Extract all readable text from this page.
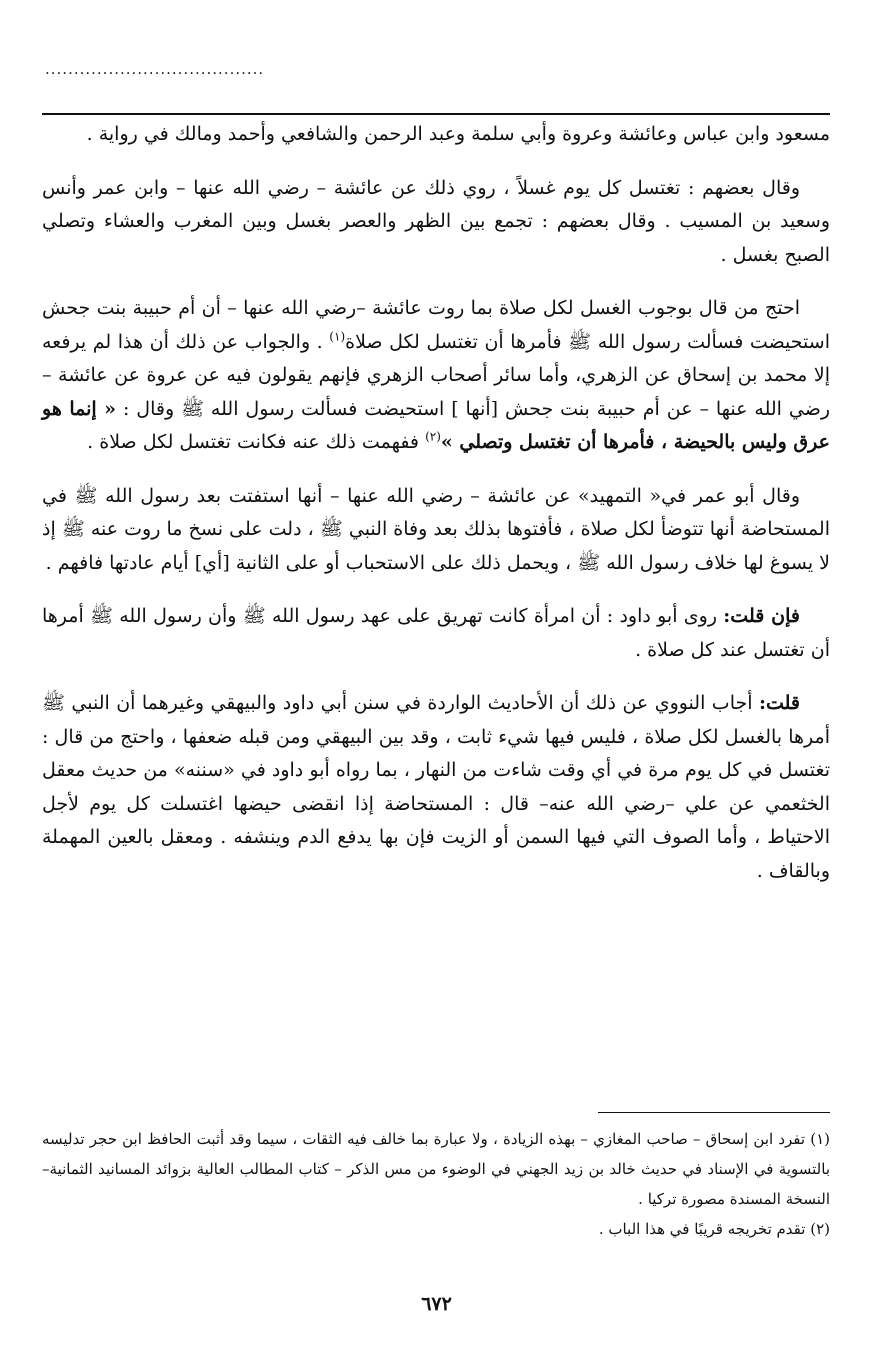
......................................

مسعود وابن عباس وعائشة وعروة وأبي سلمة وعبد الرحمن والشافعي وأحمد ومالك في رواية .

وقال بعضهم : تغتسل كل يوم غسلاً ، روي ذلك عن عائشة – رضي الله عنها – وابن عمر وأنس وسعيد بن المسيب . وقال بعضهم : تجمع بين الظهر والعصر بغسل وبين المغرب والعشاء وتصلي الصبح بغسل .

احتج من قال بوجوب الغسل لكل صلاة بما روت عائشة –رضي الله عنها – أن أم حبيبة بنت جحش استحيضت فسألت رسول الله ﷺ فأمرها أن تغتسل لكل صلاة$^{(١)}$ . والجواب عن ذلك أن هذا لم يرفعه إلا محمد بن إسحاق عن الزهري، وأما سائر أصحاب الزهري فإنهم يقولون فيه عن عروة عن عائشة –رضي الله عنها – عن أم حبيبة بنت جحش [أنها ] استحيضت فسألت رسول الله ﷺ وقال : « إنما هو عرق وليس بالحيضة ، فأمرها أن تغتسل وتصلي »$^{(٢)}$ ففهمت ذلك عنه فكانت تغتسل لكل صلاة .

وقال أبو عمر في« التمهيد» عن عائشة – رضي الله عنها – أنها استفتت بعد رسول الله ﷺ في المستحاضة أنها تتوضأ لكل صلاة ، فأفتوها بذلك بعد وفاة النبي ﷺ ، دلت على نسخ ما روت عنه ﷺ إذ لا يسوغ لها خلاف رسول الله ﷺ ، ويحمل ذلك على الاستحباب أو على الثانية [أي] أيام عادتها فافهم .

فإن قلت: روى أبو داود : أن امرأة كانت تهريق على عهد رسول الله ﷺ وأن رسول الله ﷺ أمرها أن تغتسل عند كل صلاة .

قلت: أجاب النووي عن ذلك أن الأحاديث الواردة في سنن أبي داود والبيهقي وغيرهما أن النبي ﷺ أمرها بالغسل لكل صلاة ، فليس فيها شيء ثابت ، وقد بين البيهقي ومن قبله ضعفها ، واحتج من قال : تغتسل في كل يوم مرة في أي وقت شاءت من النهار ، بما رواه أبو داود في «سننه» من حديث معقل الخثعمي عن علي –رضي الله عنه– قال : المستحاضة إذا انقضى حيضها اغتسلت كل يوم لأجل الاحتياط ، وأما الصوف التي فيها السمن أو الزيت فإن بها يدفع الدم وينشفه . ومعقل بالعين المهملة وبالقاف .

(١) تفرد ابن إسحاق – صاحب المغازي – بهذه الزيادة ، ولا عبارة بما خالف فيه الثقات ، سيما وقد أثبت الحافظ ابن حجر تدليسه بالتسوية في الإسناد في حديث خالد بن زيد الجهني في الوضوء من مس الذكر – كتاب المطالب العالية بزوائد المسانيد الثمانية– النسخة المسندة مصورة تركيا .

(٢) تقدم تخريجه قريبًا في هذا الباب .

٦٧٢
